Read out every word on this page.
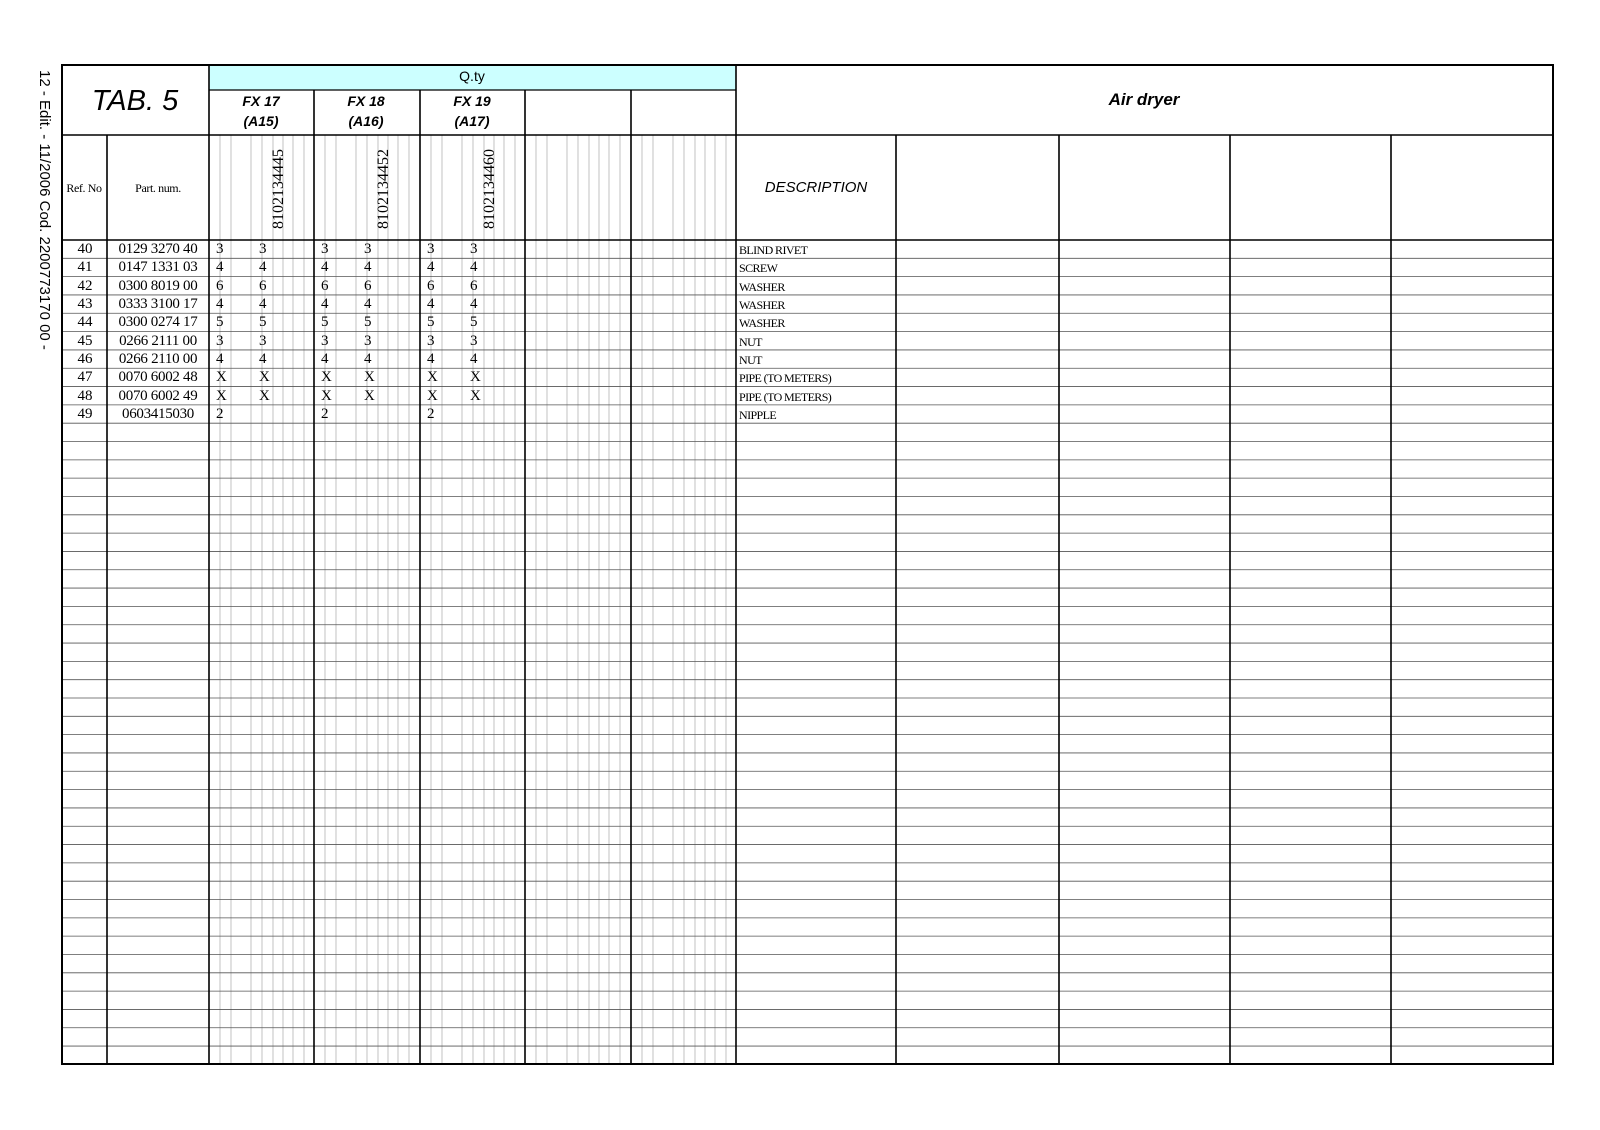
12 - Edit. - 11/2006 Cod. 2200773170 00 - TAB. 5
Q.ty
Air dryer
Ref. No	Part. num.	DESCRIPTION
FX 17
(A15)
8102134445
FX 18
(A16)
8102134452
FX 19
(A17)
8102134460
40 0129 3270 40 3 3	3 3	3 3	BLIND RIVET
41 0147 1331 03 4 4	4 4	4 4	SCREW
42 0300 8019 00 6 6	6 6	6 6	WASHER
43 0333 3100 17 4 4	4 4	4 4	WASHER
44 0300 0274 17 5 5	5 5	5 5	WASHER
45 0266 2111 00 3 3	3 3	3 3	NUT
46 0266 2110 00 4 4	4 4	4 4	NUT
47 0070 6002 48 X X	X X	X X	PIPE (TO METERS)
48 0070 6002 49 X X	X X	X X	PIPE (TO METERS)
49 0603415030 2	2	2	NIPPLE
